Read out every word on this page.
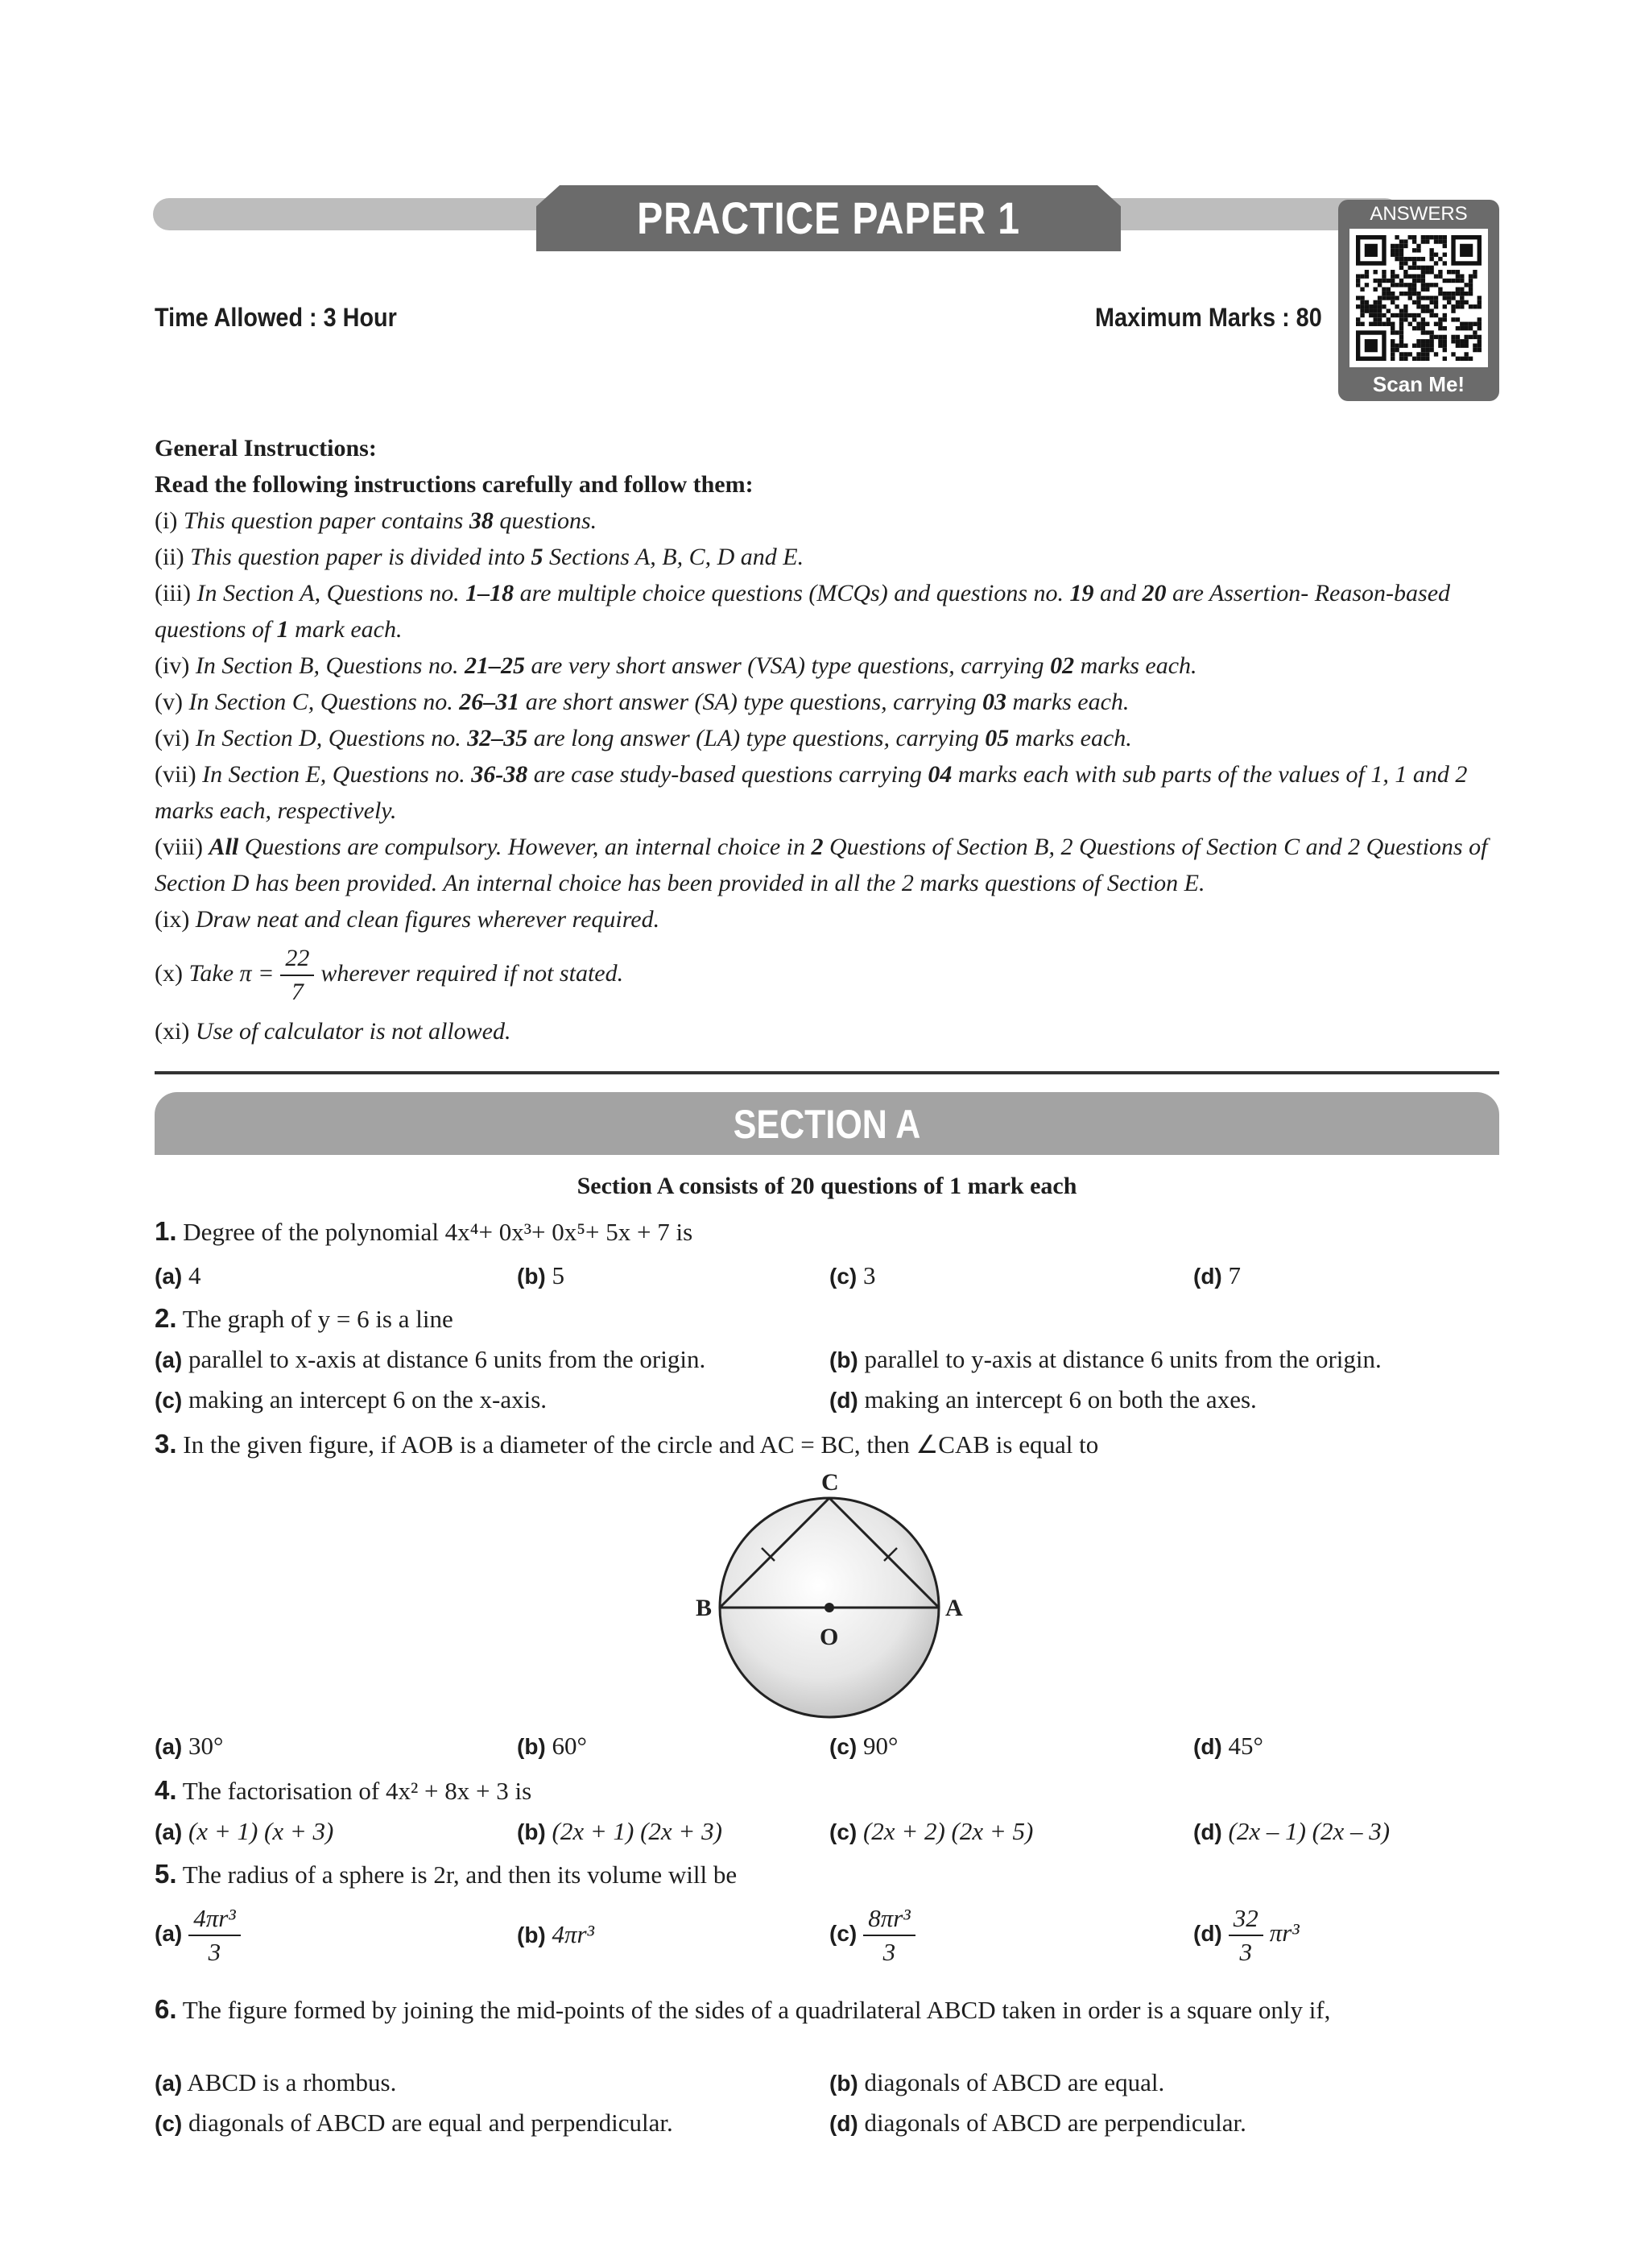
PRACTICE PAPER 1	ANSWERS
Scan Me!
Time Allowed : 3 Hour	Maximum Marks : 80
General Instructions:
Read the following instructions carefully and follow them:
(i) This question paper contains 38 questions.
(ii) This question paper is divided into 5 Sections A, B, C, D and E.
(iii) In Section A, Questions no. 1–18 are multiple choice questions (MCQs) and questions no. 19 and 20 are Assertion- Reason-based questions of 1 mark each.
(iv) In Section B, Questions no. 21–25 are very short answer (VSA) type questions, carrying 02 marks each.
(v) In Section C, Questions no. 26–31 are short answer (SA) type questions, carrying 03 marks each.
(vi) In Section D, Questions no. 32–35 are long answer (LA) type questions, carrying 05 marks each.
(vii) In Section E, Questions no. 36-38 are case study-based questions carrying 04 marks each with sub parts of the values of 1, 1 and 2 marks each, respectively.
(viii) All Questions are compulsory. However, an internal choice in 2 Questions of Section B, 2 Questions of Section C and 2 Questions of Section D has been provided. An internal choice has been provided in all the 2 marks questions of Section E.
(ix) Draw neat and clean figures wherever required.
(x) Take $\pi = \frac{22}{7}$ wherever required if not stated.
(xi) Use of calculator is not allowed.
SECTION A
Section A consists of 20 questions of 1 mark each
1. Degree of the polynomial 4x⁴+ 0x³+ 0x⁵+ 5x + 7 is
(a) 4	(b) 5	(c) 3	(d) 7
2. The graph of y = 6 is a line
(a) parallel to x-axis at distance 6 units from the origin.	(b) parallel to y-axis at distance 6 units from the origin.
(c) making an intercept 6 on the x-axis.	(d) making an intercept 6 on both the axes.
3. In the given figure, if AOB is a diameter of the circle and AC = BC, then ∠CAB is equal to
C
B	A
O
(a) 30°	(b) 60°	(c) 90°	(d) 45°
4. The factorisation of 4x² + 8x + 3 is
(a) (x + 1) (x + 3)	(b) (2x + 1) (2x + 3)	(c) (2x + 2) (2x + 5)	(d) (2x – 1) (2x – 3)
5. The radius of a sphere is 2r, and then its volume will be
$(a) \frac{\text{4πr³}}{3}$	(b) 4πr³	$(c) \frac{\text{8πr³}}{3}$	$(d) \frac{32}{3} \pi r^3$
6. The figure formed by joining the mid-points of the sides of a quadrilateral ABCD taken in order is a square only if,
(a) ABCD is a rhombus.	(b) diagonals of ABCD are equal.
(c) diagonals of ABCD are equal and perpendicular.	(d) diagonals of ABCD are perpendicular.
